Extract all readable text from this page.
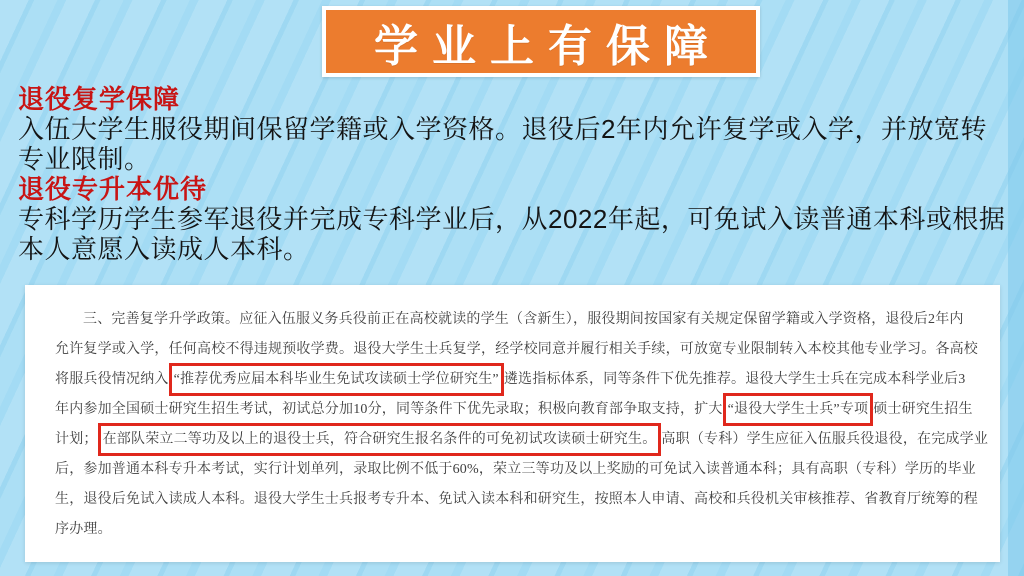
学业上有保障

退役复学保障

入伍大学生服役期间保留学籍或入学资格。退役后2年内允许复学或入学，并放宽转专业限制。

退役专升本优待

专科学历学生参军退役并完成专科学业后，从2022年起，可免试入读普通本科或根据本人意愿入读成人本科。

三、完善复学升学政策。应征入伍服义务兵役前正在高校就读的学生（含新生），服役期间按国家有关规定保留学籍或入学资格，退役后2年内
允许复学或入学，任何高校不得违规预收学费。退役大学生士兵复学，经学校同意并履行相关手续，可放宽专业限制转入本校其他专业学习。各高校
将服兵役情况纳入 “推荐优秀应届本科毕业生免试攻读硕士学位研究生” 遴选指标体系，同等条件下优先推荐。退役大学生士兵在完成本科学业后3
年内参加全国硕士研究生招生考试，初试总分加10分，同等条件下优先录取；积极向教育部争取支持，扩大 “退役大学生士兵”专项 硕士研究生招生
计划； 在部队荣立二等功及以上的退役士兵，符合研究生报名条件的可免初试攻读硕士研究生。 高职（专科）学生应征入伍服兵役退役，在完成学业
后，参加普通本科专升本考试，实行计划单列，录取比例不低于60%，荣立三等功及以上奖励的可免试入读普通本科；具有高职（专科）学历的毕业
生，退役后免试入读成人本科。退役大学生士兵报考专升本、免试入读本科和研究生，按照本人申请、高校和兵役机关审核推荐、省教育厅统筹的程
序办理。
